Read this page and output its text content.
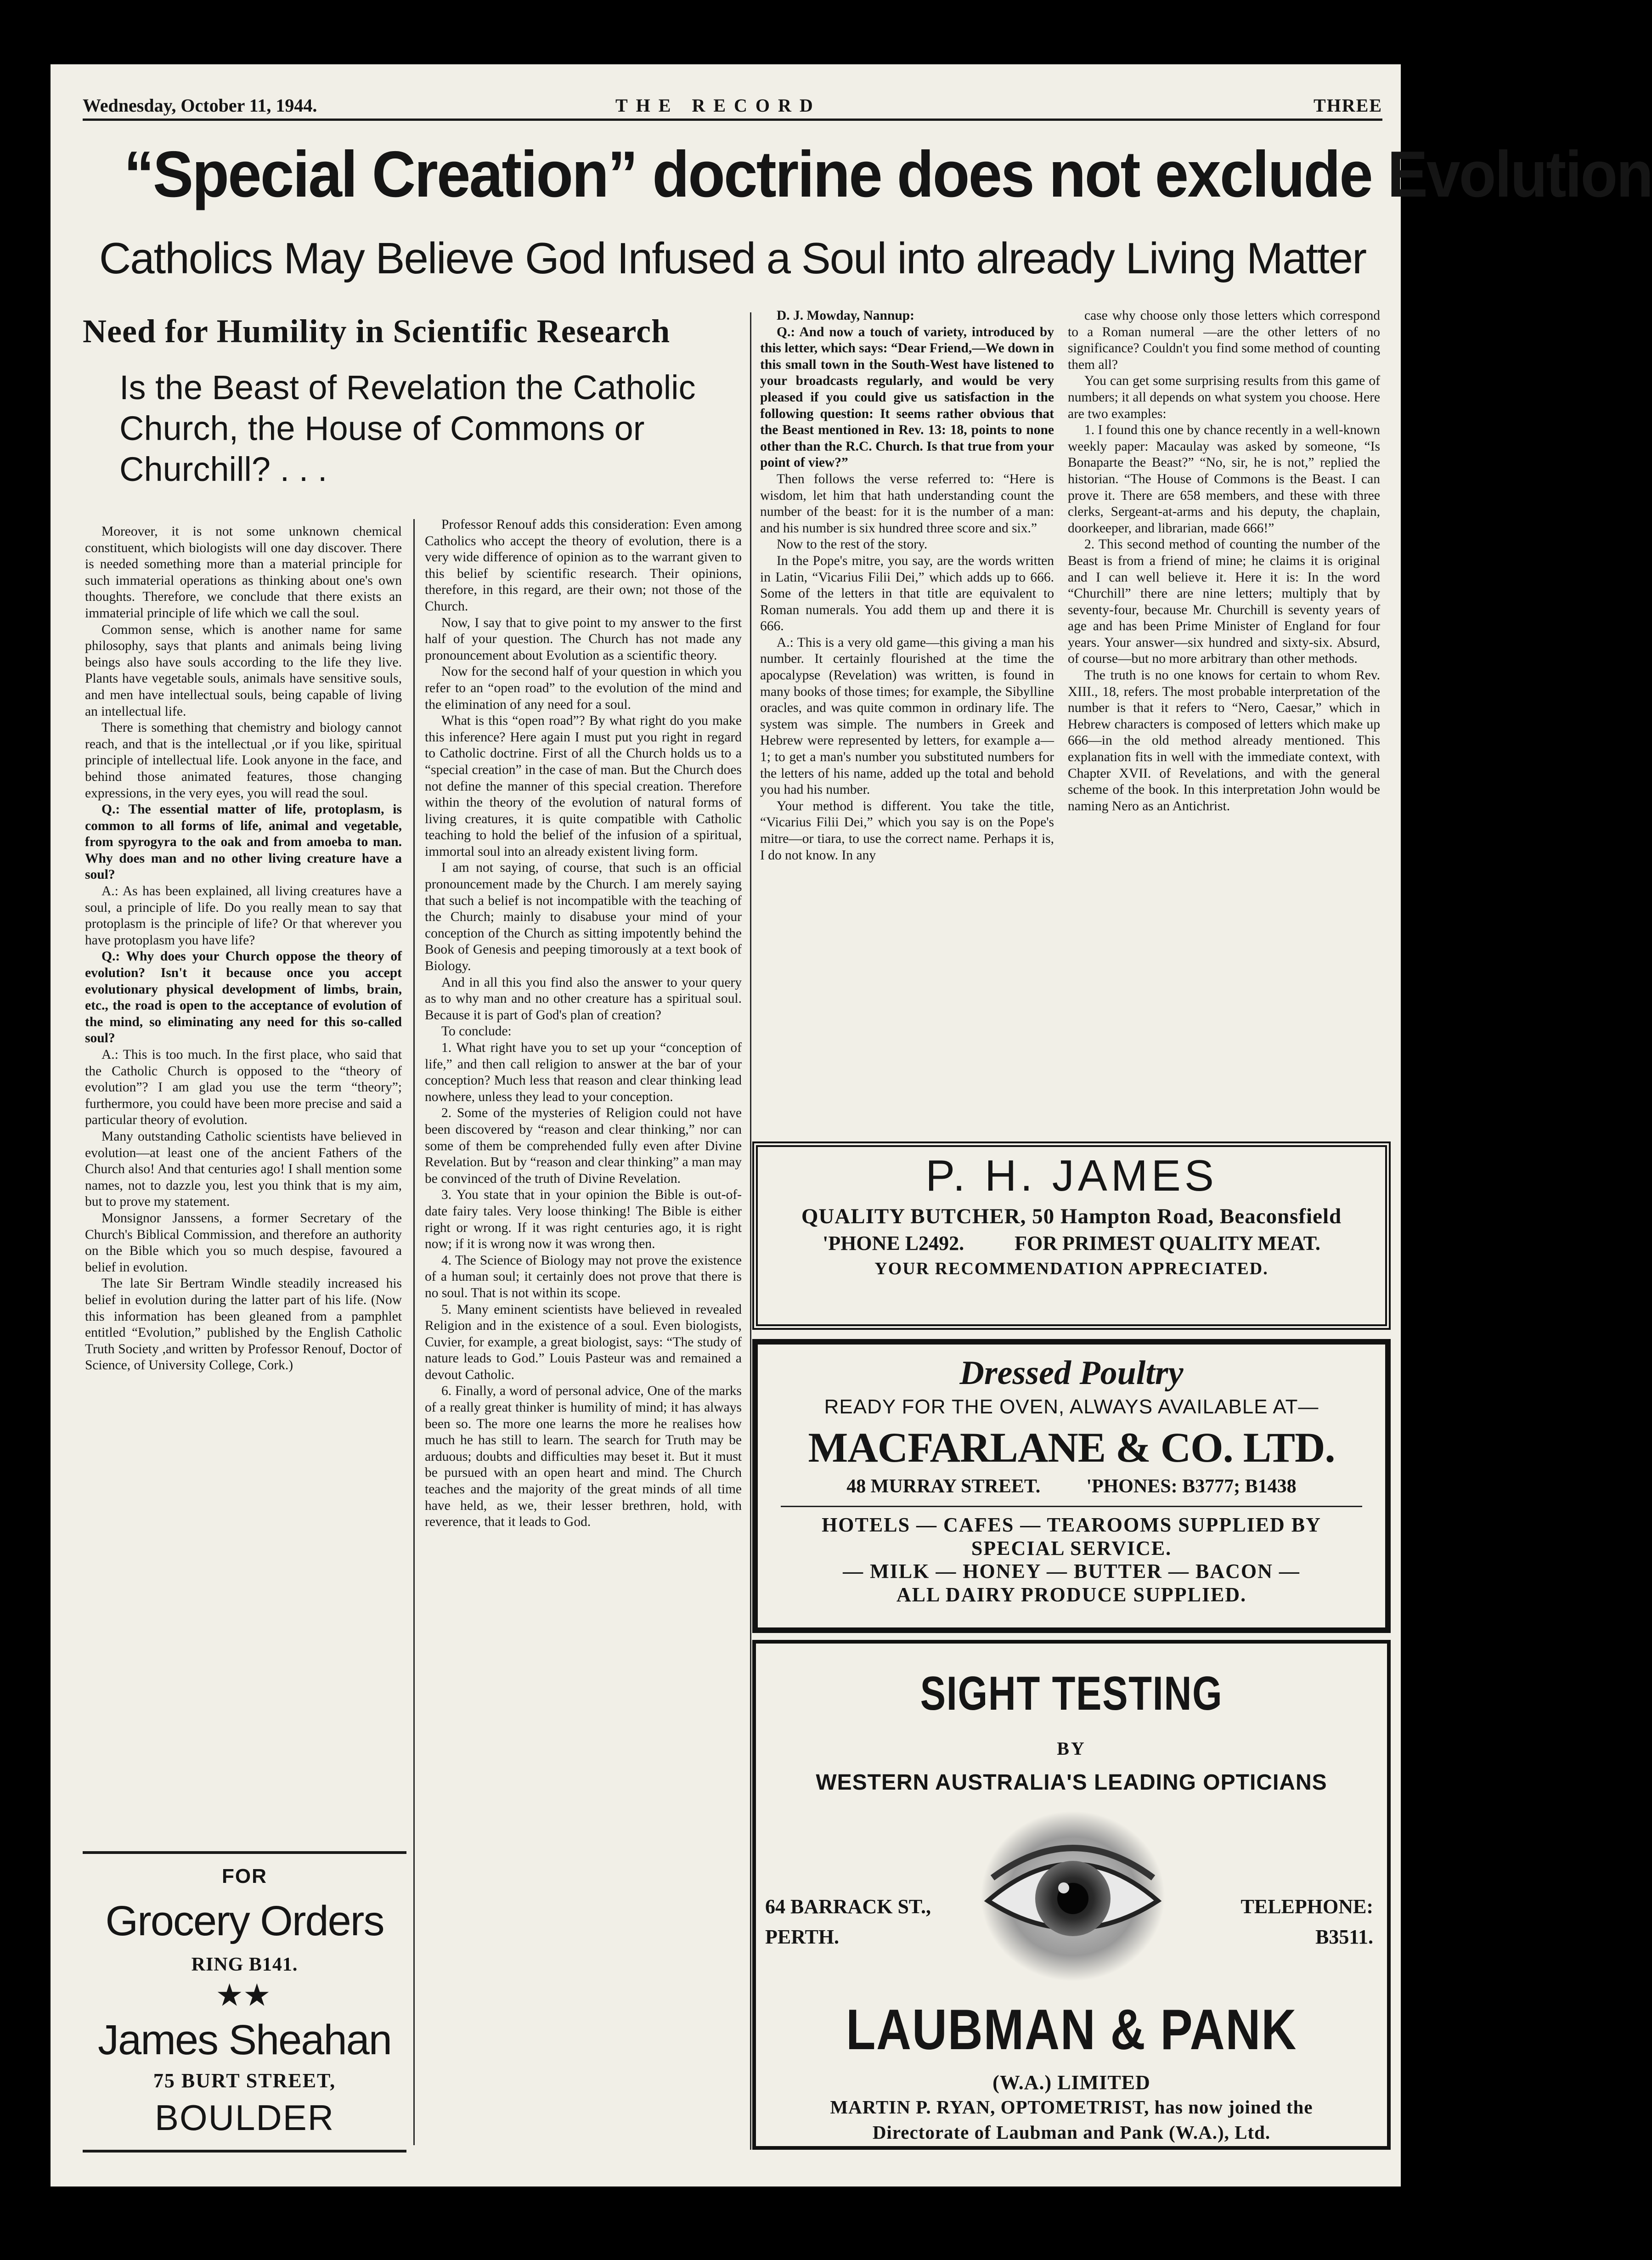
Wednesday, October 11, 1944.	THE RECORD	THREE
“Special Creation” doctrine does not exclude Evolution
Catholics May Believe God Infused a Soul into already Living Matter
Need for Humility in Scientific Research
Is the Beast of Revelation the Catholic Church, the House of Commons or Churchill? . . .

Moreover, it is not some unknown chemical constituent, which biologists will one day discover. There is needed something more than a material principle for such immaterial operations as thinking about one's own thoughts. Therefore, we conclude that there exists an immaterial principle of life which we call the soul.

Common sense, which is another name for same philosophy, says that plants and animals being living beings also have souls according to the life they live. Plants have vegetable souls, animals have sensitive souls, and men have intellectual souls, being capable of living an intellectual life.

There is something that chemistry and biology cannot reach, and that is the intellectual ,or if you like, spiritual principle of intellectual life. Look anyone in the face, and behind those animated features, those changing expressions, in the very eyes, you will read the soul.

Q.: The essential matter of life, protoplasm, is common to all forms of life, animal and vegetable, from spyrogyra to the oak and from amoeba to man. Why does man and no other living creature have a soul?

A.: As has been explained, all living creatures have a soul, a principle of life. Do you really mean to say that protoplasm is the principle of life? Or that wherever you have protoplasm you have life?

Q.: Why does your Church oppose the theory of evolution? Isn't it because once you accept evolutionary physical development of limbs, brain, etc., the road is open to the acceptance of evolution of the mind, so eliminating any need for this so-called soul?

A.: This is too much. In the first place, who said that the Catholic Church is opposed to the “theory of evolution”? I am glad you use the term “theory”; furthermore, you could have been more precise and said a particular theory of evolution.

Many outstanding Catholic scientists have believed in evolution—at least one of the ancient Fathers of the Church also! And that centuries ago! I shall mention some names, not to dazzle you, lest you think that is my aim, but to prove my statement.

Monsignor Janssens, a former Secretary of the Church's Biblical Commission, and therefore an authority on the Bible which you so much despise, favoured a belief in evolution.

The late Sir Bertram Windle steadily increased his belief in evolution during the latter part of his life. (Now this information has been gleaned from a pamphlet entitled “Evolution,” published by the English Catholic Truth Society ,and written by Professor Renouf, Doctor of Science, of University College, Cork.)

Professor Renouf adds this consideration: Even among Catholics who accept the theory of evolution, there is a very wide difference of opinion as to the warrant given to this belief by scientific research. Their opinions, therefore, in this regard, are their own; not those of the Church.

Now, I say that to give point to my answer to the first half of your question. The Church has not made any pronouncement about Evolution as a scientific theory.

Now for the second half of your question in which you refer to an “open road” to the evolution of the mind and the elimination of any need for a soul.

What is this “open road”? By what right do you make this inference? Here again I must put you right in regard to Catholic doctrine. First of all the Church holds us to a “special creation” in the case of man. But the Church does not define the manner of this special creation. Therefore within the theory of the evolution of natural forms of living creatures, it is quite compatible with Catholic teaching to hold the belief of the infusion of a spiritual, immortal soul into an already existent living form.

I am not saying, of course, that such is an official pronouncement made by the Church. I am merely saying that such a belief is not incompatible with the teaching of the Church; mainly to disabuse your mind of your conception of the Church as sitting impotently behind the Book of Genesis and peeping timorously at a text book of Biology.

And in all this you find also the answer to your query as to why man and no other creature has a spiritual soul. Because it is part of God's plan of creation?

To conclude:

1. What right have you to set up your “conception of life,” and then call religion to answer at the bar of your conception? Much less that reason and clear thinking lead nowhere, unless they lead to your conception.

2. Some of the mysteries of Religion could not have been discovered by “reason and clear thinking,” nor can some of them be comprehended fully even after Divine Revelation. But by “reason and clear thinking” a man may be convinced of the truth of Divine Revelation.

3. You state that in your opinion the Bible is out-of-date fairy tales. Very loose thinking! The Bible is either right or wrong. If it was right centuries ago, it is right now; if it is wrong now it was wrong then.

4. The Science of Biology may not prove the existence of a human soul; it certainly does not prove that there is no soul. That is not within its scope.

5. Many eminent scientists have believed in revealed Religion and in the existence of a soul. Even biologists, Cuvier, for example, a great biologist, says: “The study of nature leads to God.” Louis Pasteur was and remained a devout Catholic.

6. Finally, a word of personal advice, One of the marks of a really great thinker is humility of mind; it has always been so. The more one learns the more he realises how much he has still to learn. The search for Truth may be arduous; doubts and difficulties may beset it. But it must be pursued with an open heart and mind. The Church teaches and the majority of the great minds of all time have held, as we, their lesser brethren, hold, with reverence, that it leads to God.

D. J. Mowday, Nannup:

Q.: And now a touch of variety, introduced by this letter, which says: “Dear Friend,—We down in this small town in the South-West have listened to your broadcasts regularly, and would be very pleased if you could give us satisfaction in the following question: It seems rather obvious that the Beast mentioned in Rev. 13: 18, points to none other than the R.C. Church. Is that true from your point of view?”

Then follows the verse referred to: “Here is wisdom, let him that hath understanding count the number of the beast: for it is the number of a man: and his number is six hundred three score and six.”

Now to the rest of the story.

In the Pope's mitre, you say, are the words written in Latin, “Vicarius Filii Dei,” which adds up to 666. Some of the letters in that title are equivalent to Roman numerals. You add them up and there it is 666.

A.: This is a very old game—this giving a man his number. It certainly flourished at the time the apocalypse (Revelation) was written, is found in many books of those times; for example, the Sibylline oracles, and was quite common in ordinary life. The system was simple. The numbers in Greek and Hebrew were represented by letters, for example a—1; to get a man's number you substituted numbers for the letters of his name, added up the total and behold you had his number.

Your method is different. You take the title, “Vicarius Filii Dei,” which you say is on the Pope's mitre—or tiara, to use the correct name. Perhaps it is, I do not know. In any

case why choose only those letters which correspond to a Roman numeral —are the other letters of no significance? Couldn't you find some method of counting them all?

You can get some surprising results from this game of numbers; it all depends on what system you choose. Here are two examples:

1. I found this one by chance recently in a well-known weekly paper: Macaulay was asked by someone, “Is Bonaparte the Beast?” “No, sir, he is not,” replied the historian. “The House of Commons is the Beast. I can prove it. There are 658 members, and these with three clerks, Sergeant-at-arms and his deputy, the chaplain, doorkeeper, and librarian, made 666!”

2. This second method of counting the number of the Beast is from a friend of mine; he claims it is original and I can well believe it. Here it is: In the word “Churchill” there are nine letters; multiply that by seventy-four, because Mr. Churchill is seventy years of age and has been Prime Minister of England for four years. Your answer—six hundred and sixty-six. Absurd, of course—but no more arbitrary than other methods.

The truth is no one knows for certain to whom Rev. XIII., 18, refers. The most probable interpretation of the number is that it refers to “Nero, Caesar,” which in Hebrew characters is composed of letters which make up 666—in the old method already mentioned. This explanation fits in well with the immediate context, with Chapter XVII. of Revelations, and with the general scheme of the book. In this interpretation John would be naming Nero as an Antichrist.

FOR
Grocery Orders
RING B141.
★★
James Sheahan
75 BURT STREET,
BOULDER
P. H. JAMES
QUALITY BUTCHER, 50 Hampton Road, Beaconsfield
'PHONE L2492.	FOR PRIMEST QUALITY MEAT.
YOUR RECOMMENDATION APPRECIATED.
Dressed Poultry
READY FOR THE OVEN, ALWAYS AVAILABLE AT—
MACFARLANE & CO. LTD.
48 MURRAY STREET. 'PHONES: B3777; B1438
HOTELS — CAFES — TEAROOMS SUPPLIED BY
SPECIAL SERVICE.
— MILK — HONEY — BUTTER — BACON —
ALL DAIRY PRODUCE SUPPLIED.
SIGHT TESTING
BY
WESTERN AUSTRALIA'S LEADING OPTICIANS
64 BARRACK ST.,
PERTH.
TELEPHONE:
B3511.
LAUBMAN & PANK
(W.A.) LIMITED
MARTIN P. RYAN, OPTOMETRIST, has now joined the
Directorate of Laubman and Pank (W.A.), Ltd.
